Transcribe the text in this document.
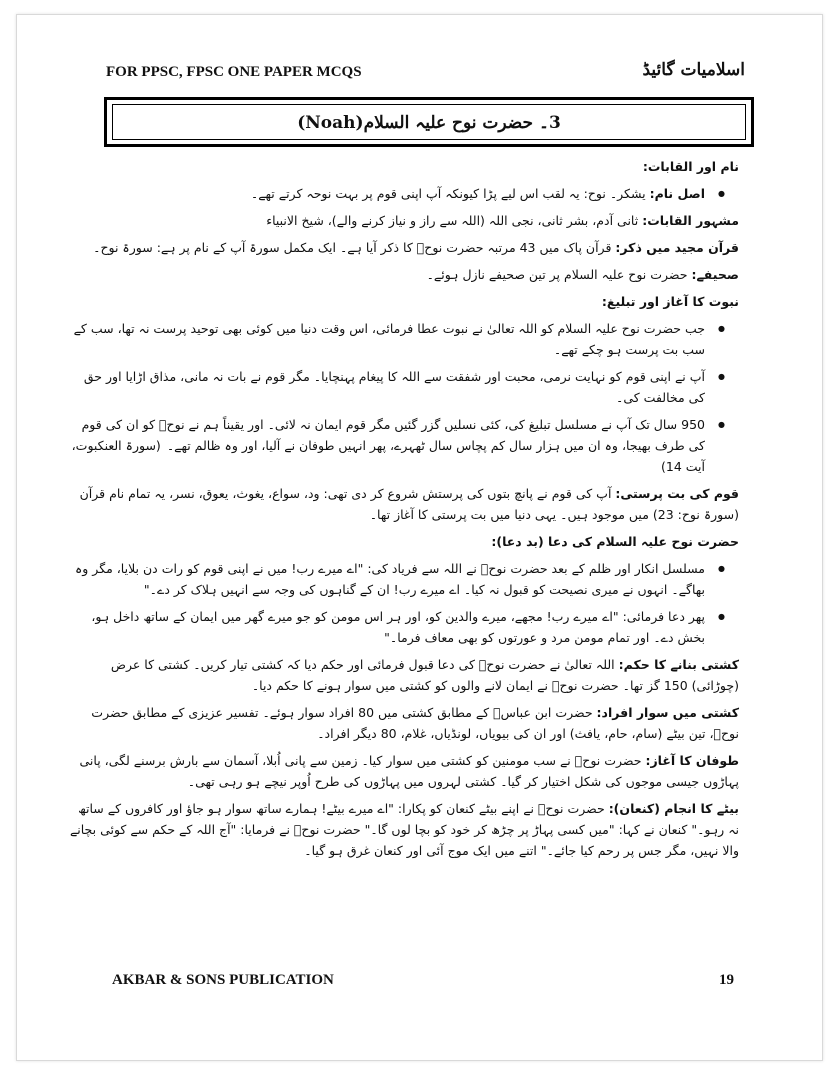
FOR PPSC, FPSC ONE PAPER MCQS	اسلامیات گائیڈ
3۔ حضرت نوح علیہ السلام(Noah)
نام اور القابات:
● اصل نام: یشکر۔ نوح: یہ لقب اس لیے پڑا کیونکہ آپ اپنی قوم پر بہت نوحہ کرتے تھے۔
مشہور القابات: ثانی آدم، بشر ثانی، نجی اللہ (اللہ سے راز و نیاز کرنے والے)، شیخ الانبیاء
قرآن مجید میں ذکر: قرآن پاک میں 43 مرتبہ حضرت نوحؑ کا ذکر آیا ہے۔ ایک مکمل سورۃ آپ کے نام پر ہے: سورۃ نوح۔
صحیفے: حضرت نوح علیہ السلام پر تین صحیفے نازل ہوئے۔
نبوت کا آغاز اور تبلیغ:
● جب حضرت نوح علیہ السلام کو اللہ تعالیٰ نے نبوت عطا فرمائی، اس وقت دنیا میں کوئی بھی توحید پرست نہ تھا، سب کے سب بت پرست ہو چکے تھے۔
● آپ نے اپنی قوم کو نہایت نرمی، محبت اور شفقت سے اللہ کا پیغام پہنچایا۔ مگر قوم نے بات نہ مانی، مذاق اڑایا اور حق کی مخالفت کی۔
● 950 سال تک آپ نے مسلسل تبلیغ کی، کئی نسلیں گزر گئیں مگر قوم ایمان نہ لائی۔ اور یقیناً ہم نے نوحؑ کو ان کی قوم کی طرف بھیجا، وہ ان میں ہزار سال کم پچاس سال ٹھہرے، پھر انہیں طوفان نے آلیا، اور وہ ظالم تھے۔(سورۃ العنکبوت، آیت 14)
قوم کی بت پرستی: آپ کی قوم نے پانچ بتوں کی پرستش شروع کر دی تھی: ود، سواع، یغوث، یعوق، نسر، یہ تمام نام قرآن (سورۃ نوح: 23) میں موجود ہیں۔ یہی دنیا میں بت پرستی کا آغاز تھا۔
حضرت نوح علیہ السلام کی دعا (بد دعا):
● مسلسل انکار اور ظلم کے بعد حضرت نوحؑ نے اللہ سے فریاد کی: "اے میرے رب! میں نے اپنی قوم کو رات دن بلایا، مگر وہ بھاگے۔ انہوں نے میری نصیحت کو قبول نہ کیا۔ اے میرے رب! ان کے گناہوں کی وجہ سے انہیں ہلاک کر دے۔"
● پھر دعا فرمائی: "اے میرے رب! مجھے، میرے والدین کو، اور ہر اس مومن کو جو میرے گھر میں ایمان کے ساتھ داخل ہو، بخش دے۔ اور تمام مومن مرد و عورتوں کو بھی معاف فرما۔"
کشتی بنانے کا حکم: اللہ تعالیٰ نے حضرت نوحؑ کی دعا قبول فرمائی اور حکم دیا کہ کشتی تیار کریں۔ کشتی کا عرض (چوڑائی) 150 گز تھا۔ حضرت نوحؑ نے ایمان لانے والوں کو کشتی میں سوار ہونے کا حکم دیا۔
کشتی میں سوار افراد: حضرت ابن عباسؓ کے مطابق کشتی میں 80 افراد سوار ہوئے۔ تفسیر عزیزی کے مطابق حضرت نوحؑ، تین بیٹے (سام، حام، یافث) اور ان کی بیویاں، لونڈیاں، غلام، 80 دیگر افراد۔
طوفان کا آغاز: حضرت نوحؑ نے سب مومنین کو کشتی میں سوار کیا۔ زمین سے پانی اُبلا، آسمان سے بارش برسنے لگی، پانی پہاڑوں جیسی موجوں کی شکل اختیار کر گیا۔ کشتی لہروں میں پہاڑوں کی طرح اُوپر نیچے ہو رہی تھی۔
بیٹے کا انجام (کنعان): حضرت نوحؑ نے اپنے بیٹے کنعان کو پکارا: "اے میرے بیٹے! ہمارے ساتھ سوار ہو جاؤ اور کافروں کے ساتھ نہ رہو۔" کنعان نے کہا: "میں کسی پہاڑ پر چڑھ کر خود کو بچا لوں گا۔" حضرت نوحؑ نے فرمایا: "آج اللہ کے حکم سے کوئی بچانے والا نہیں، مگر جس پر رحم کیا جائے۔" اتنے میں ایک موج آئی اور کنعان غرق ہو گیا۔
AKBAR & SONS PUBLICATION	19
